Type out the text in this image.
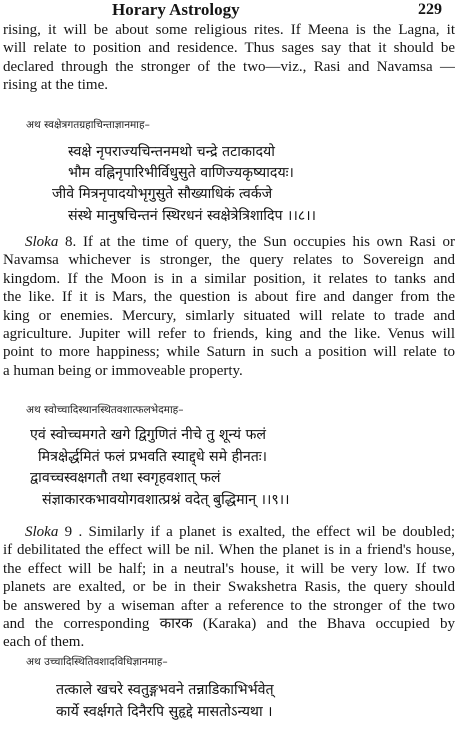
Horary Astrology	229
rising, it will be about some religious rites. If Meena is the Lagna, it
will relate to position and residence. Thus sages say that it should be
declared through the stronger of the two—viz., Rasi and Navamsa —
rising at the time.
अथ स्वक्षेत्रगतग्रहाचिन्ताज्ञानमाह–
स्वक्षे नृपराज्यचिन्तनमथो चन्द्रे तटाकादयो
भौम वह्निनृपारिभीर्विधुसुते वाणिज्यकृष्यादयः।
जीवे मित्रनृपादयोभृगुसुते सौख्याधिकं त्वर्कजे
संस्थे मानुषचिन्तनं स्थिरधनं स्वक्षेत्रेत्रिशादिप ।।८।।
Sloka 8. If at the time of query, the Sun occupies his own Rasi or
Navamsa whichever is stronger, the query relates to Sovereign and
kingdom. If the Moon is in a similar position, it relates to tanks and
the like. If it is Mars, the question is about fire and danger from the
king or enemies. Mercury, simlarly situated will relate to trade and
agriculture. Jupiter will refer to friends, king and the like. Venus will
point to more happiness; while Saturn in such a position will relate to
a human being or immoveable property.
अथ स्वोच्चादिस्थानस्थितवशात्फलभेदमाह–
एवं स्वोच्चमगते खगे द्विगुणितं नीचे तु शून्यं फलं
मित्रक्षेर्द्धमितं फलं प्रभवति स्याद्द्धे समे हीनतः।
द्वावच्चस्वक्षगतौ तथा स्वगृहवशात् फलं
संज्ञाकारकभावयोगवशात्प्रश्नं वदेत् बुद्धिमान् ।।९।।
Sloka 9 . Similarly if a planet is exalted, the effect wil be doubled;
if debilitated the effect will be nil. When the planet is in a friend's house,
the effect will be half; in a neutral's house, it will be very low. If two
planets are exalted, or be in their Swakshetra Rasis, the query should
be answered by a wiseman after a reference to the stronger of the two
and the corresponding कारक (Karaka) and the Bhava occupied by
each of them.
अथ उच्चादिस्थितिवशादविधिज्ञानमाह–
तत्काले खचरे स्वतुङ्गभवने तन्नाडिकाभिर्भवेत्
कार्ये स्वर्क्षगते दिनैरपि सुहृद्दे मासतोऽन्यथा ।
